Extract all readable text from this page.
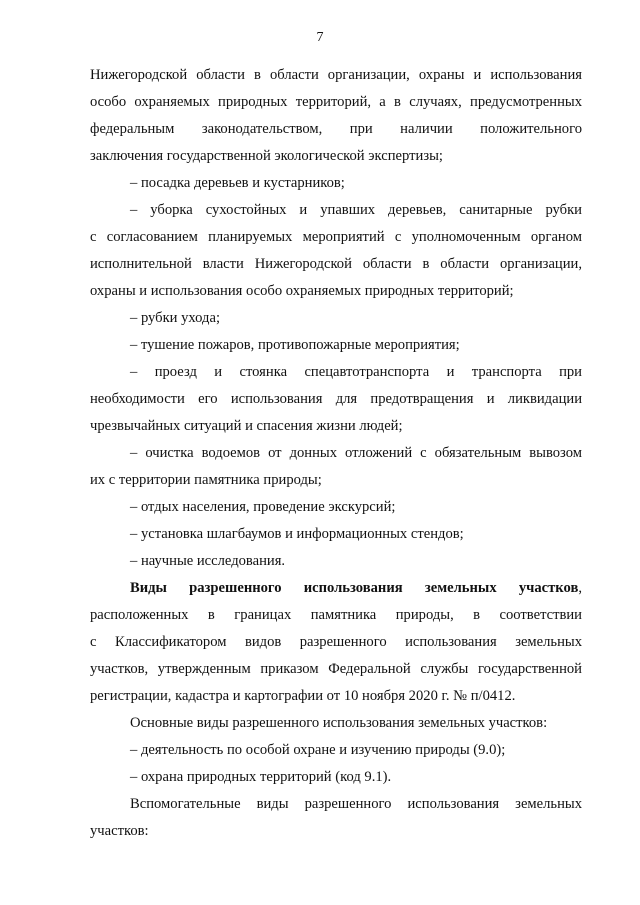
7
Нижегородской области в области организации, охраны и использования
особо охраняемых природных территорий, а в случаях, предусмотренных
федеральным законодательством, при наличии положительного
заключения государственной экологической экспертизы;
– посадка деревьев и кустарников;
– уборка сухостойных и упавших деревьев, санитарные рубки
с согласованием планируемых мероприятий с уполномоченным органом
исполнительной власти Нижегородской области в области организации,
охраны и использования особо охраняемых природных территорий;
– рубки ухода;
– тушение пожаров, противопожарные мероприятия;
– проезд и стоянка спецавтотранспорта и транспорта при
необходимости его использования для предотвращения и ликвидации
чрезвычайных ситуаций и спасения жизни людей;
– очистка водоемов от донных отложений с обязательным вывозом
их с территории памятника природы;
– отдых населения, проведение экскурсий;
– установка шлагбаумов и информационных стендов;
– научные исследования.
Виды разрешенного использования земельных участков,
расположенных в границах памятника природы, в соответствии
с Классификатором видов разрешенного использования земельных
участков, утвержденным приказом Федеральной службы государственной
регистрации, кадастра и картографии от 10 ноября 2020 г. № п/0412.
Основные виды разрешенного использования земельных участков:
– деятельность по особой охране и изучению природы (9.0);
– охрана природных территорий (код 9.1).
Вспомогательные виды разрешенного использования земельных
участков:
